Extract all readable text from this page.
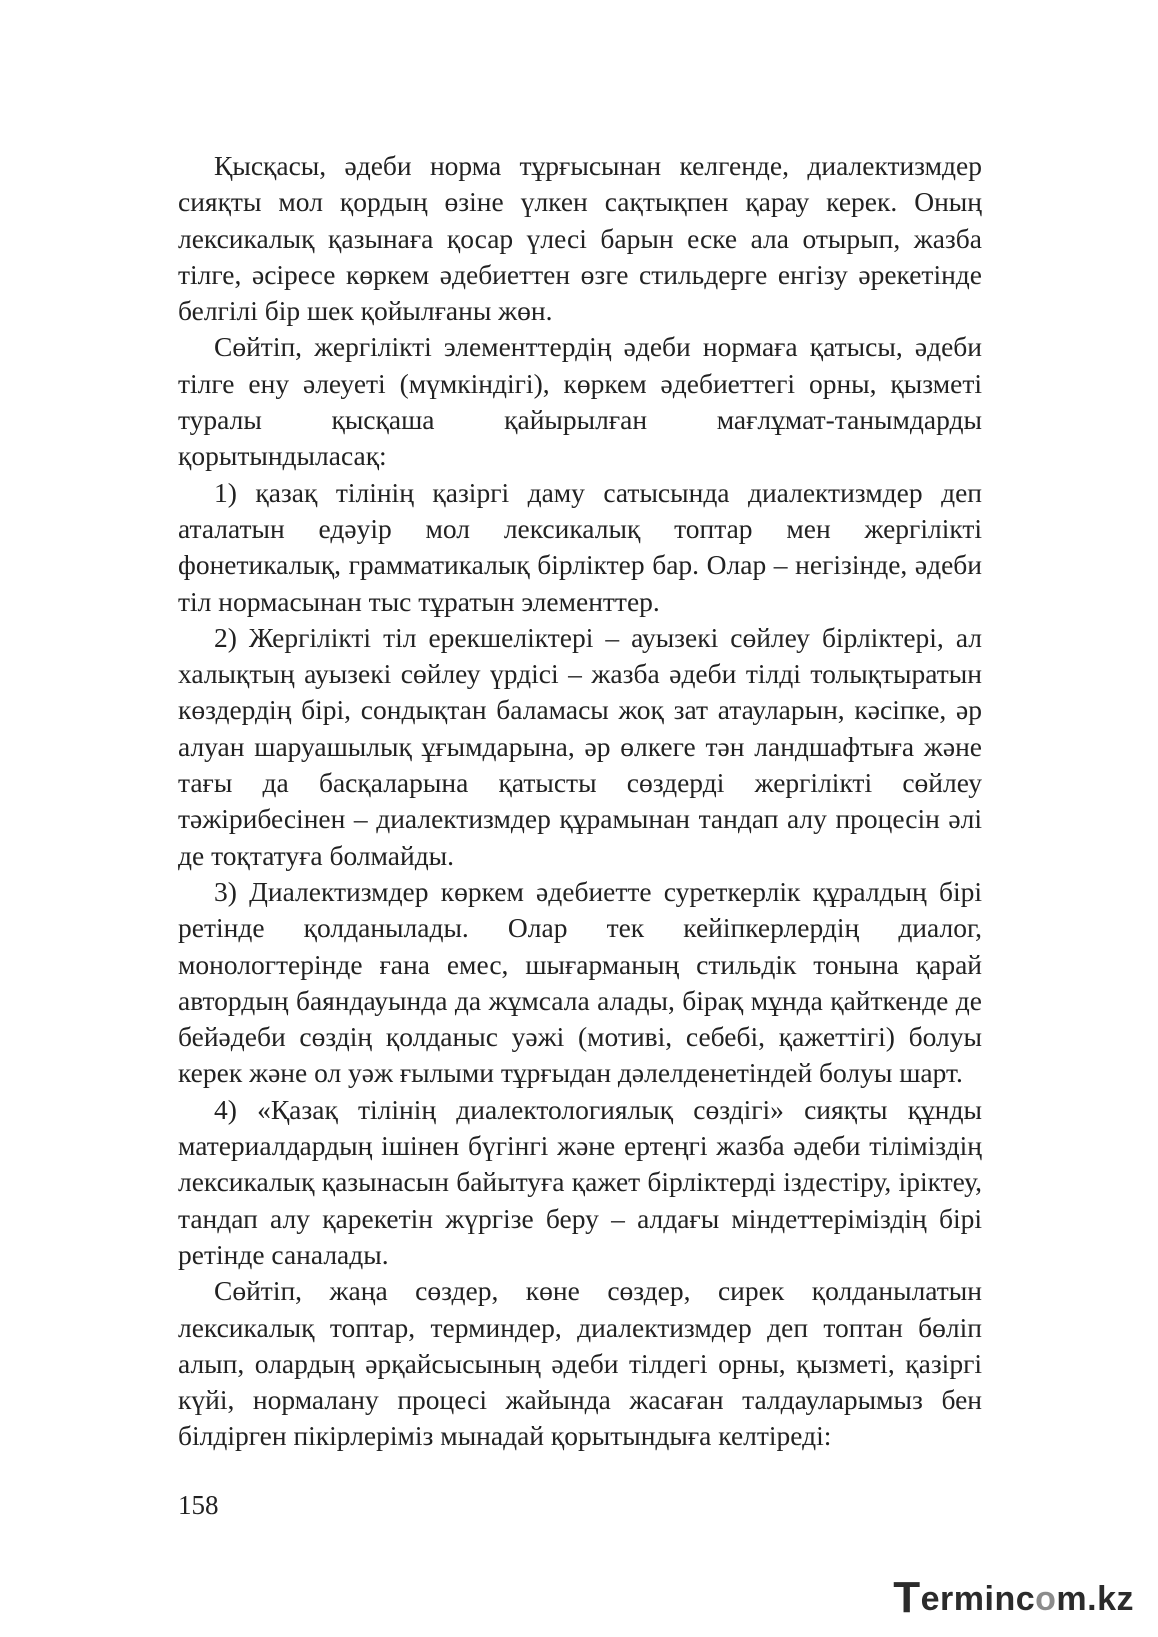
Қысқасы, әдеби норма тұрғысынан келгенде, диалектизмдер сияқты мол қордың өзіне үлкен сақтықпен қарау керек. Оның лексикалық қазынаға қосар үлесі барын еске ала отырып, жазба тілге, әсіресе көркем әдебиеттен өзге стильдерге енгізу әрекетінде белгілі бір шек қойылғаны жөн.

Сөйтіп, жергілікті элементтердің әдеби нормаға қатысы, әдеби тілге ену әлеуеті (мүмкіндігі), көркем әдебиеттегі орны, қызметі туралы қысқаша қайырылған мағлұмат-танымдарды қорытындыласақ:

1) қазақ тілінің қазіргі даму сатысында диалектизмдер деп аталатын едәуір мол лексикалық топтар мен жергілікті фонетикалық, грамматикалық бірліктер бар. Олар – негізінде, әдеби тіл нормасынан тыс тұратын элементтер.

2) Жергілікті тіл ерекшеліктері – ауызекі сөйлеу бірліктері, ал халықтың ауызекі сөйлеу үрдісі – жазба әдеби тілді толықтыратын көздердің бірі, сондықтан баламасы жоқ зат атауларын, кәсіпке, әр алуан шаруашылық ұғымдарына, әр өлкеге тән ландшафтыға және тағы да басқаларына қатысты сөздерді жергілікті сөйлеу тәжірибесінен – диалектизмдер құрамынан тандап алу процесін әлі де тоқтатуға болмайды.

3) Диалектизмдер көркем әдебиетте суреткерлік құралдың бірі ретінде қолданылады. Олар тек кейіпкерлердің диалог, монологтерінде ғана емес, шығарманың стильдік тонына қарай автордың баяндауында да жұмсала алады, бірақ мұнда қайткенде де бейәдеби сөздің қолданыс уәжі (мотиві, себебі, қажеттігі) болуы керек және ол уәж ғылыми тұрғыдан дәлелденетіндей болуы шарт.

4) «Қазақ тілінің диалектологиялық сөздігі» сияқты құнды материалдардың ішінен бүгінгі және ертеңгі жазба әдеби тіліміздің лексикалық қазынасын байытуға қажет бірліктерді іздестіру, іріктеу, тандап алу қарекетін жүргізе беру – алдағы міндеттеріміздің бірі ретінде саналады.

Сөйтіп, жаңа сөздер, көне сөздер, сирек қолданылатын лексикалық топтар, терминдер, диалектизмдер деп топтан бөліп алып, олардың әрқайсысының әдеби тілдегі орны, қызметі, қазіргі күйі, нормалану процесі жайында жасаған талдауларымыз бен білдірген пікірлеріміз мынадай қорытындыға келтіреді:

158
Termincom.kz
